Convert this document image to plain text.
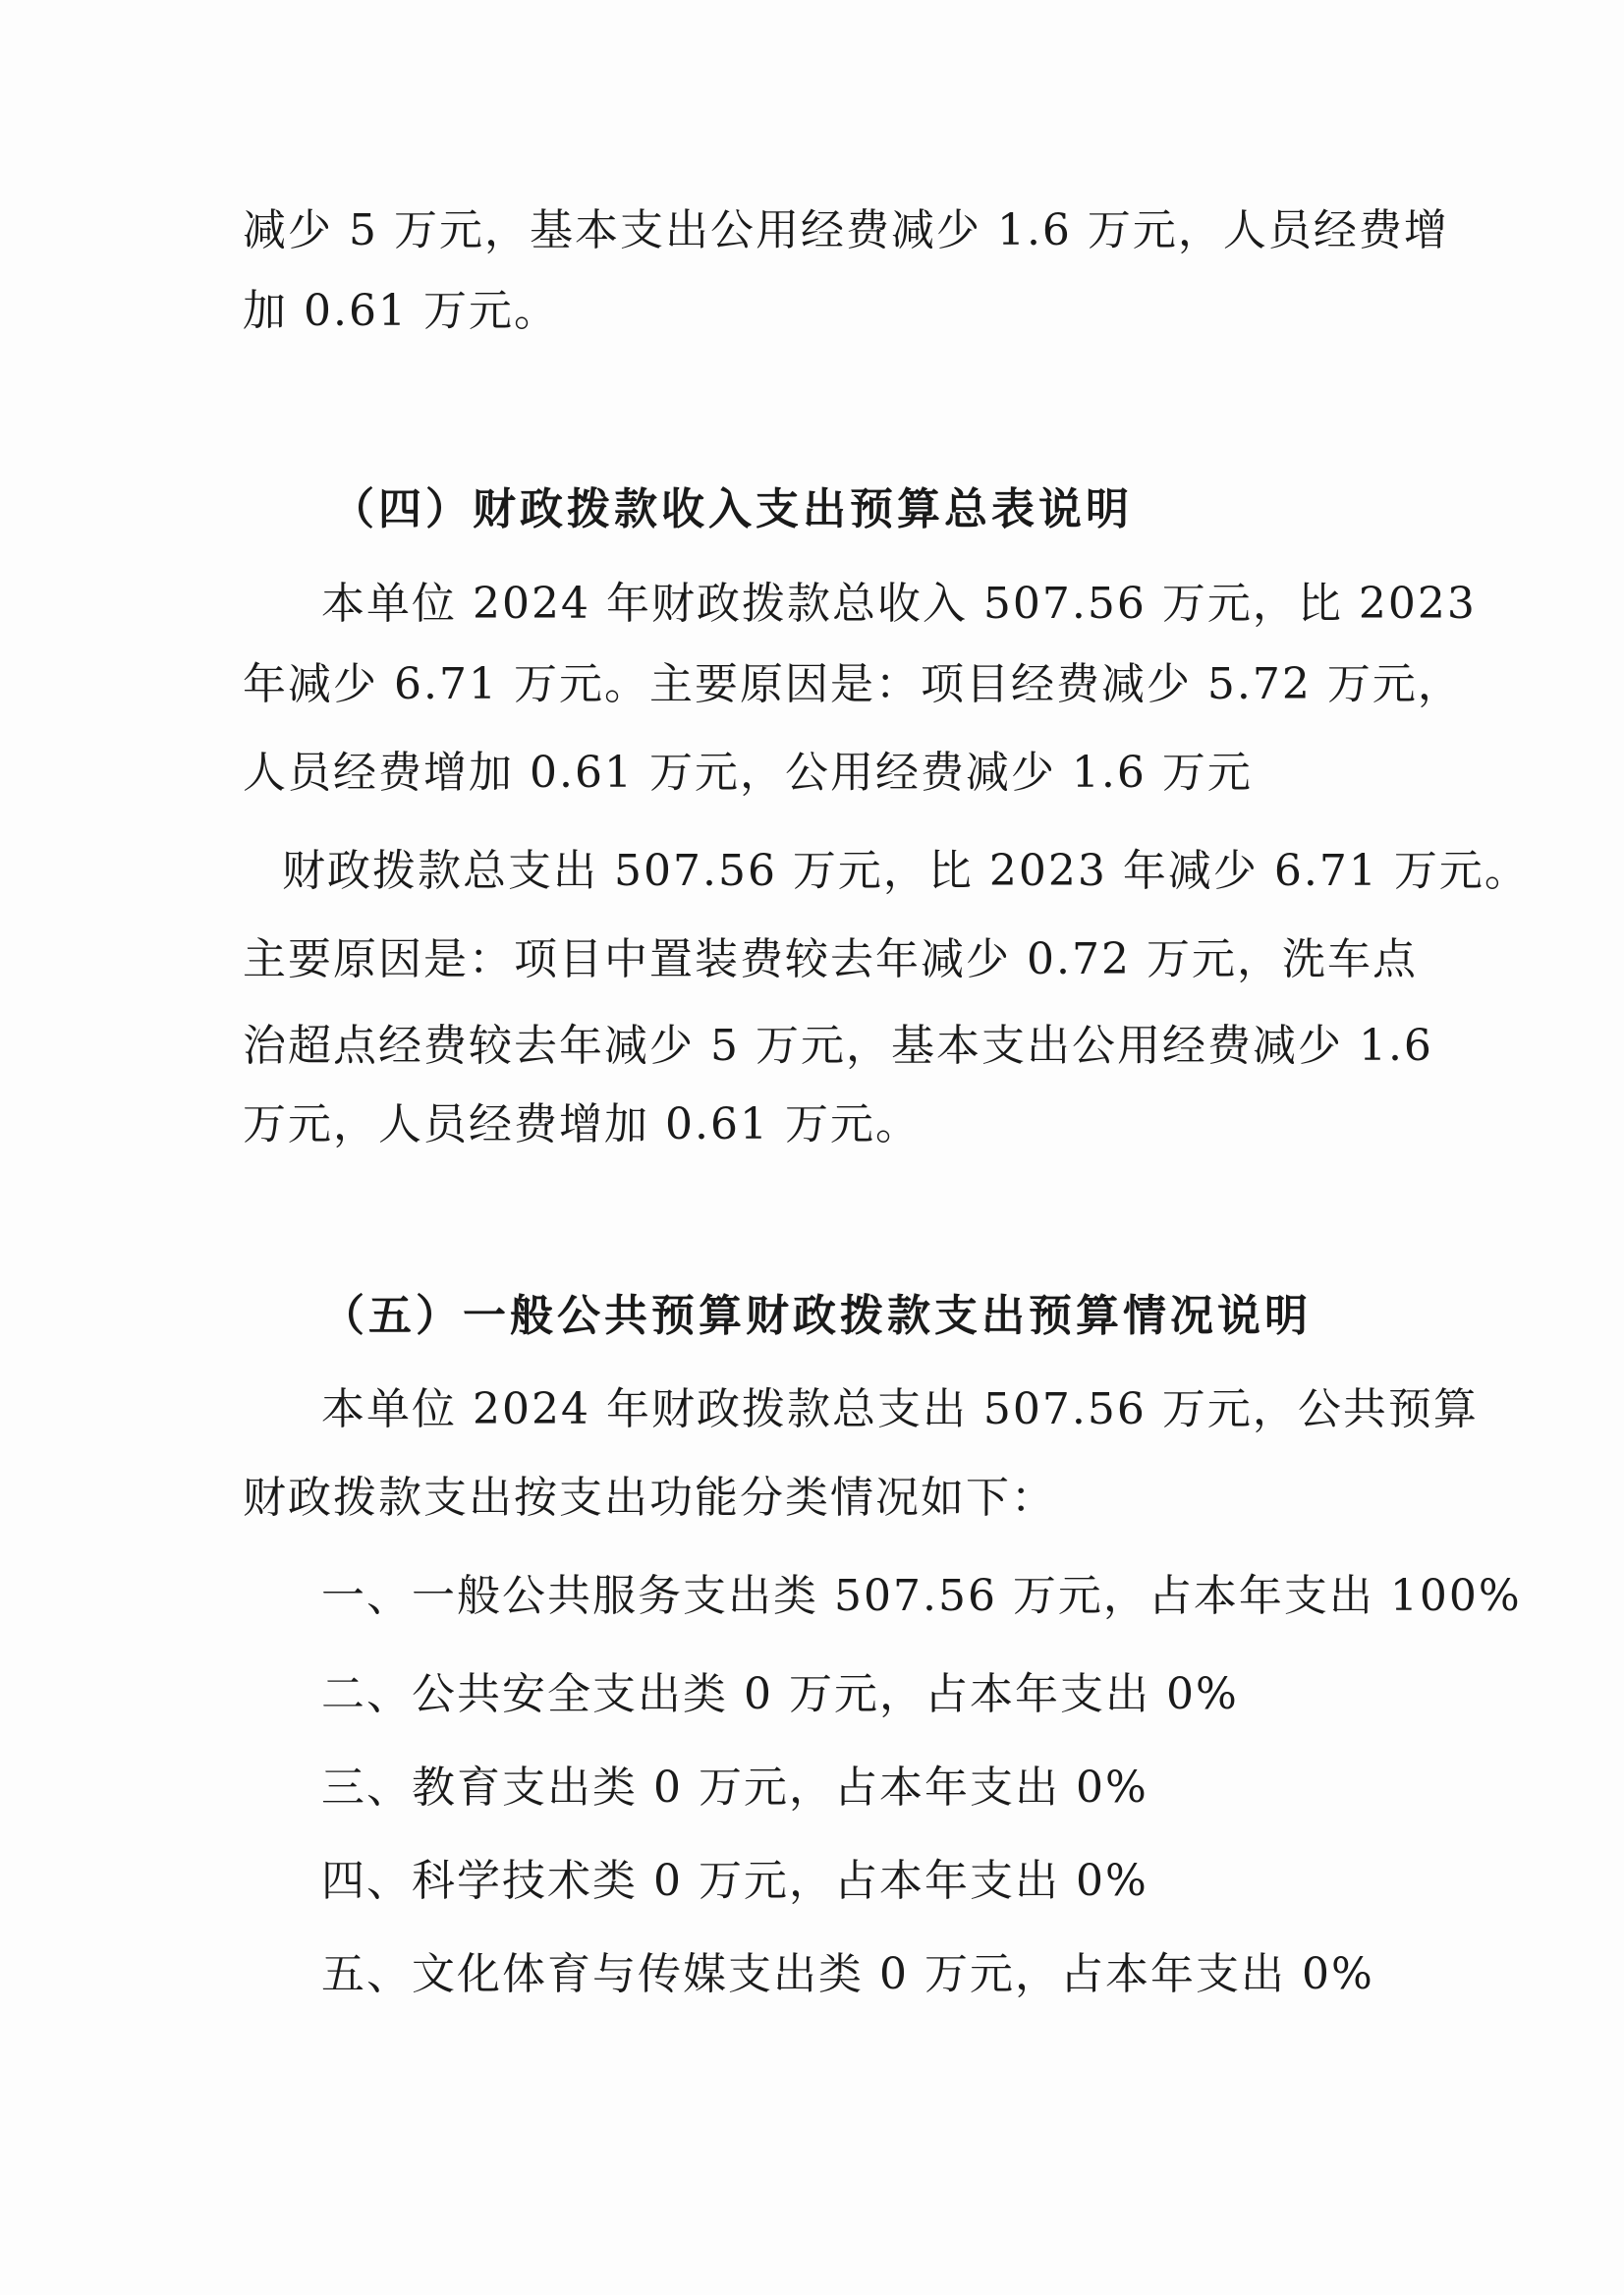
减少 5 万元，基本支出公用经费减少 1.6 万元，人员经费增
加 0.61 万元。
（四）财政拨款收入支出预算总表说明
本单位 2024 年财政拨款总收入 507.56 万元，比 2023
年减少 6.71 万元。主要原因是：项目经费减少 5.72 万元，
人员经费增加 0.61 万元，公用经费减少 1.6 万元
财政拨款总支出 507.56 万元，比 2023 年减少 6.71 万元。
主要原因是：项目中置装费较去年减少 0.72 万元，洗车点
治超点经费较去年减少 5 万元，基本支出公用经费减少 1.6
万元，人员经费增加 0.61 万元。
（五）一般公共预算财政拨款支出预算情况说明
本单位 2024 年财政拨款总支出 507.56 万元，公共预算
财政拨款支出按支出功能分类情况如下：
一、一般公共服务支出类 507.56 万元，占本年支出 100%
二、公共安全支出类 0 万元，占本年支出 0%
三、教育支出类 0 万元，占本年支出 0%
四、科学技术类 0 万元，占本年支出 0%
五、文化体育与传媒支出类 0 万元，占本年支出 0%
